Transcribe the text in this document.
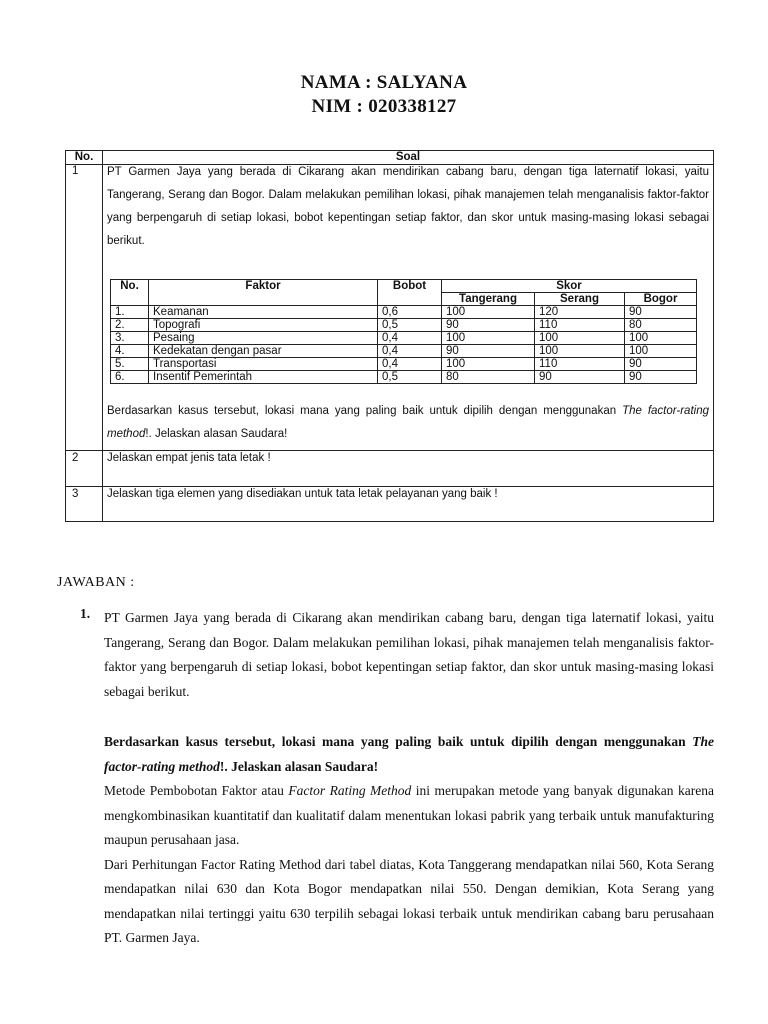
NAMA : SALYANA
NIM : 020338127
No.	Soal
1	PT Garmen Jaya yang berada di Cikarang akan mendirikan cabang baru, dengan tiga laternatif lokasi, yaitu Tangerang, Serang dan Bogor. Dalam melakukan pemilihan lokasi, pihak manajemen telah menganalisis faktor-faktor yang berpengaruh di setiap lokasi, bobot kepentingan setiap faktor, dan skor untuk masing-masing lokasi sebagai berikut.

No.	Faktor	Bobot	Skor
Tangerang	Serang	Bogor
1.	Keamanan	0,6	100	120	90
2.	Topografi	0,5	90	110	80
3.	Pesaing	0,4	100	100	100
4.	Kedekatan dengan pasar	0,4	90	100	100
5.	Transportasi	0,4	100	110	90
6.	Insentif Pemerintah	0,5	80	90	90

Berdasarkan kasus tersebut, lokasi mana yang paling baik untuk dipilih dengan menggunakan The factor-rating method!. Jelaskan alasan Saudara!

2	Jelaskan empat jenis tata letak !
3	Jelaskan tiga elemen yang disediakan untuk tata letak pelayanan yang baik !
JAWABAN :
1. PT Garmen Jaya yang berada di Cikarang akan mendirikan cabang baru, dengan tiga laternatif lokasi, yaitu Tangerang, Serang dan Bogor. Dalam melakukan pemilihan lokasi, pihak manajemen telah menganalisis faktor-faktor yang berpengaruh di setiap lokasi, bobot kepentingan setiap faktor, dan skor untuk masing-masing lokasi sebagai berikut.

Berdasarkan kasus tersebut, lokasi mana yang paling baik untuk dipilih dengan menggunakan The factor-rating method!. Jelaskan alasan Saudara!

Metode Pembobotan Faktor atau Factor Rating Method ini merupakan metode yang banyak digunakan karena mengkombinasikan kuantitatif dan kualitatif dalam menentukan lokasi pabrik yang terbaik untuk manufakturing maupun perusahaan jasa.

Dari Perhitungan Factor Rating Method dari tabel diatas, Kota Tanggerang mendapatkan nilai 560, Kota Serang mendapatkan nilai 630 dan Kota Bogor mendapatkan nilai 550. Dengan demikian, Kota Serang yang mendapatkan nilai tertinggi yaitu 630 terpilih sebagai lokasi terbaik untuk mendirikan cabang baru perusahaan PT. Garmen Jaya.
